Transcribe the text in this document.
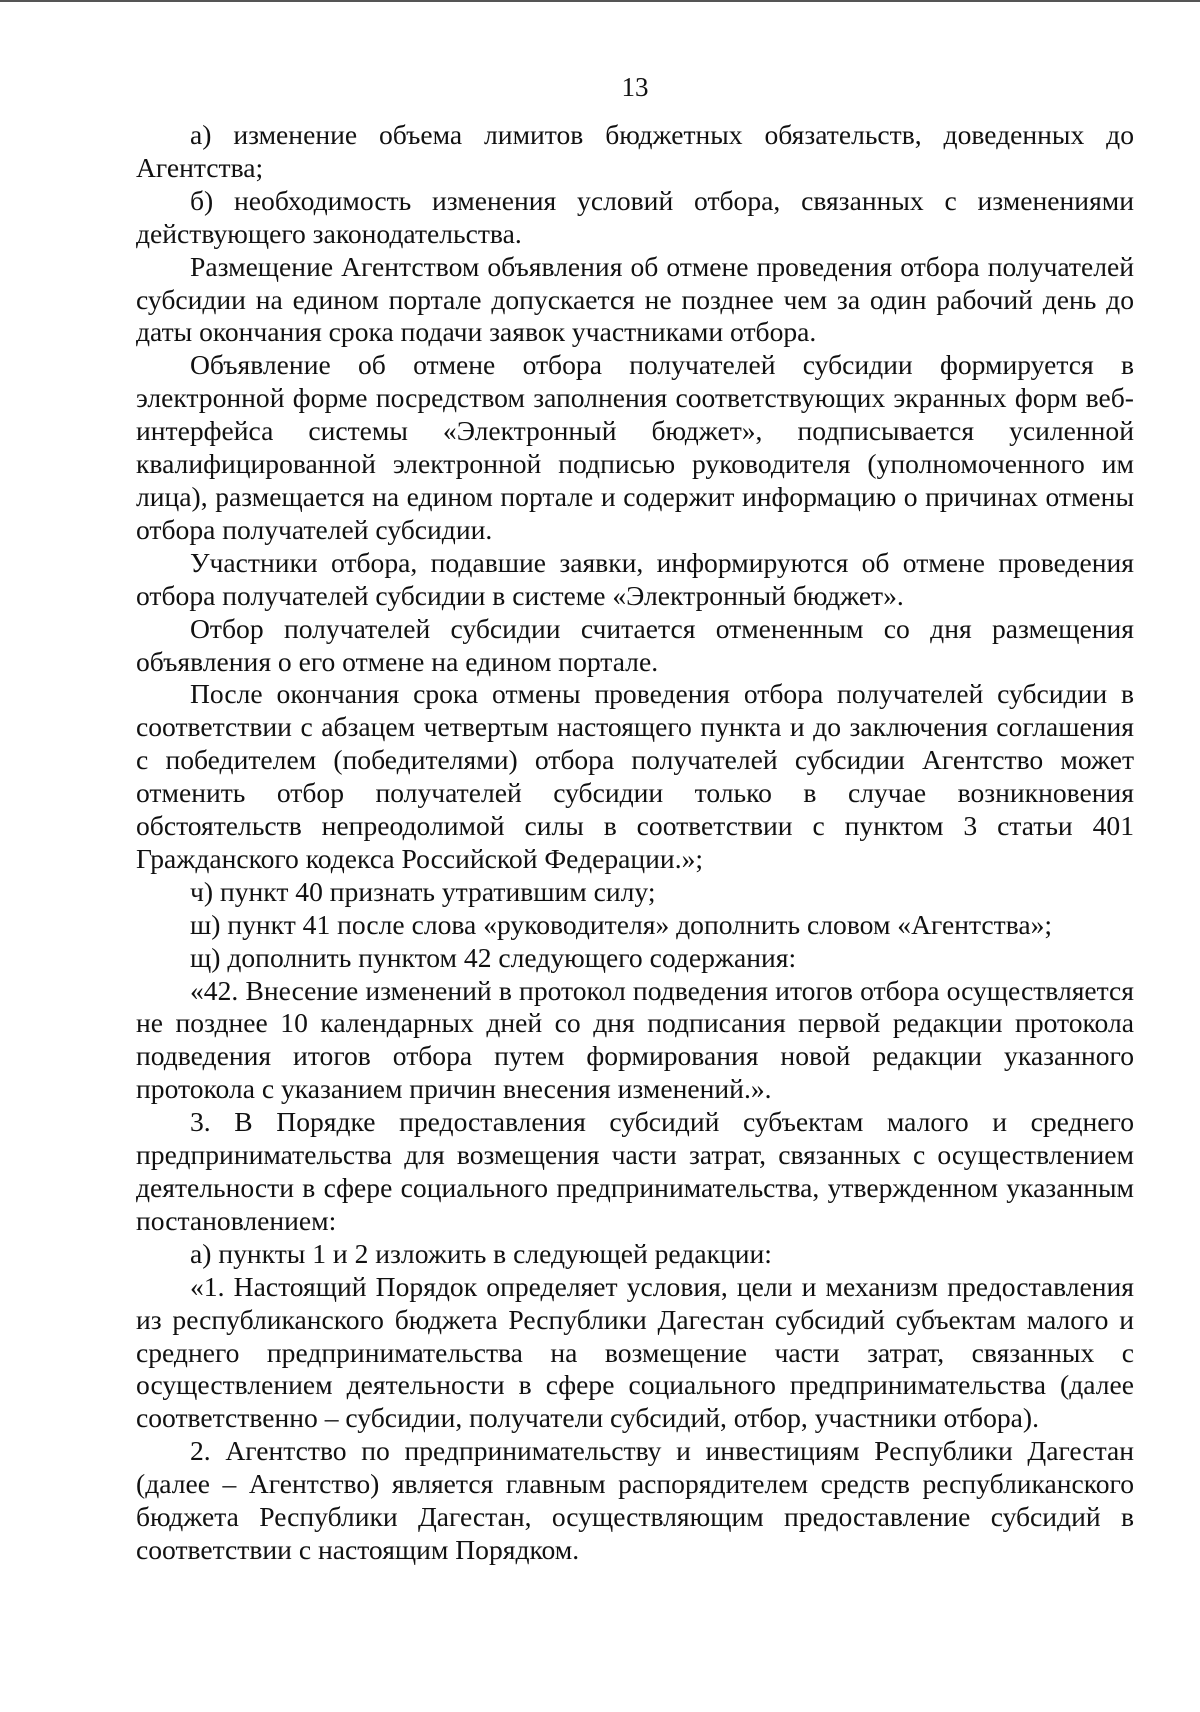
13

а) изменение объема лимитов бюджетных обязательств, доведенных до Агентства;

б) необходимость изменения условий отбора, связанных с изменениями действующего законодательства.

Размещение Агентством объявления об отмене проведения отбора получателей субсидии на едином портале допускается не позднее чем за один рабочий день до даты окончания срока подачи заявок участниками отбора.

Объявление об отмене отбора получателей субсидии формируется в электронной форме посредством заполнения соответствующих экранных форм веб-интерфейса системы «Электронный бюджет», подписывается усиленной квалифицированной электронной подписью руководителя (уполномоченного им лица), размещается на едином портале и содержит информацию о причинах отмены отбора получателей субсидии.

Участники отбора, подавшие заявки, информируются об отмене проведения отбора получателей субсидии в системе «Электронный бюджет».

Отбор получателей субсидии считается отмененным со дня размещения объявления о его отмене на едином портале.

После окончания срока отмены проведения отбора получателей субсидии в соответствии с абзацем четвертым настоящего пункта и до заключения соглашения с победителем (победителями) отбора получателей субсидии Агентство может отменить отбор получателей субсидии только в случае возникновения обстоятельств непреодолимой силы в соответствии с пунктом 3 статьи 401 Гражданского кодекса Российской Федерации.»;

ч) пункт 40 признать утратившим силу;

ш) пункт 41 после слова «руководителя» дополнить словом «Агентства»;

щ) дополнить пунктом 42 следующего содержания:

«42. Внесение изменений в протокол подведения итогов отбора осуществляется не позднее 10 календарных дней со дня подписания первой редакции протокола подведения итогов отбора путем формирования новой редакции указанного протокола с указанием причин внесения изменений.».

3. В Порядке предоставления субсидий субъектам малого и среднего предпринимательства для возмещения части затрат, связанных с осуществлением деятельности в сфере социального предпринимательства, утвержденном указанным постановлением:

а) пункты 1 и 2 изложить в следующей редакции:

«1. Настоящий Порядок определяет условия, цели и механизм предоставления из республиканского бюджета Республики Дагестан субсидий субъектам малого и среднего предпринимательства на возмещение части затрат, связанных с осуществлением деятельности в сфере социального предпринимательства (далее соответственно – субсидии, получатели субсидий, отбор, участники отбора).

2. Агентство по предпринимательству и инвестициям Республики Дагестан (далее – Агентство) является главным распорядителем средств республиканского бюджета Республики Дагестан, осуществляющим предоставление субсидий в соответствии с настоящим Порядком.
